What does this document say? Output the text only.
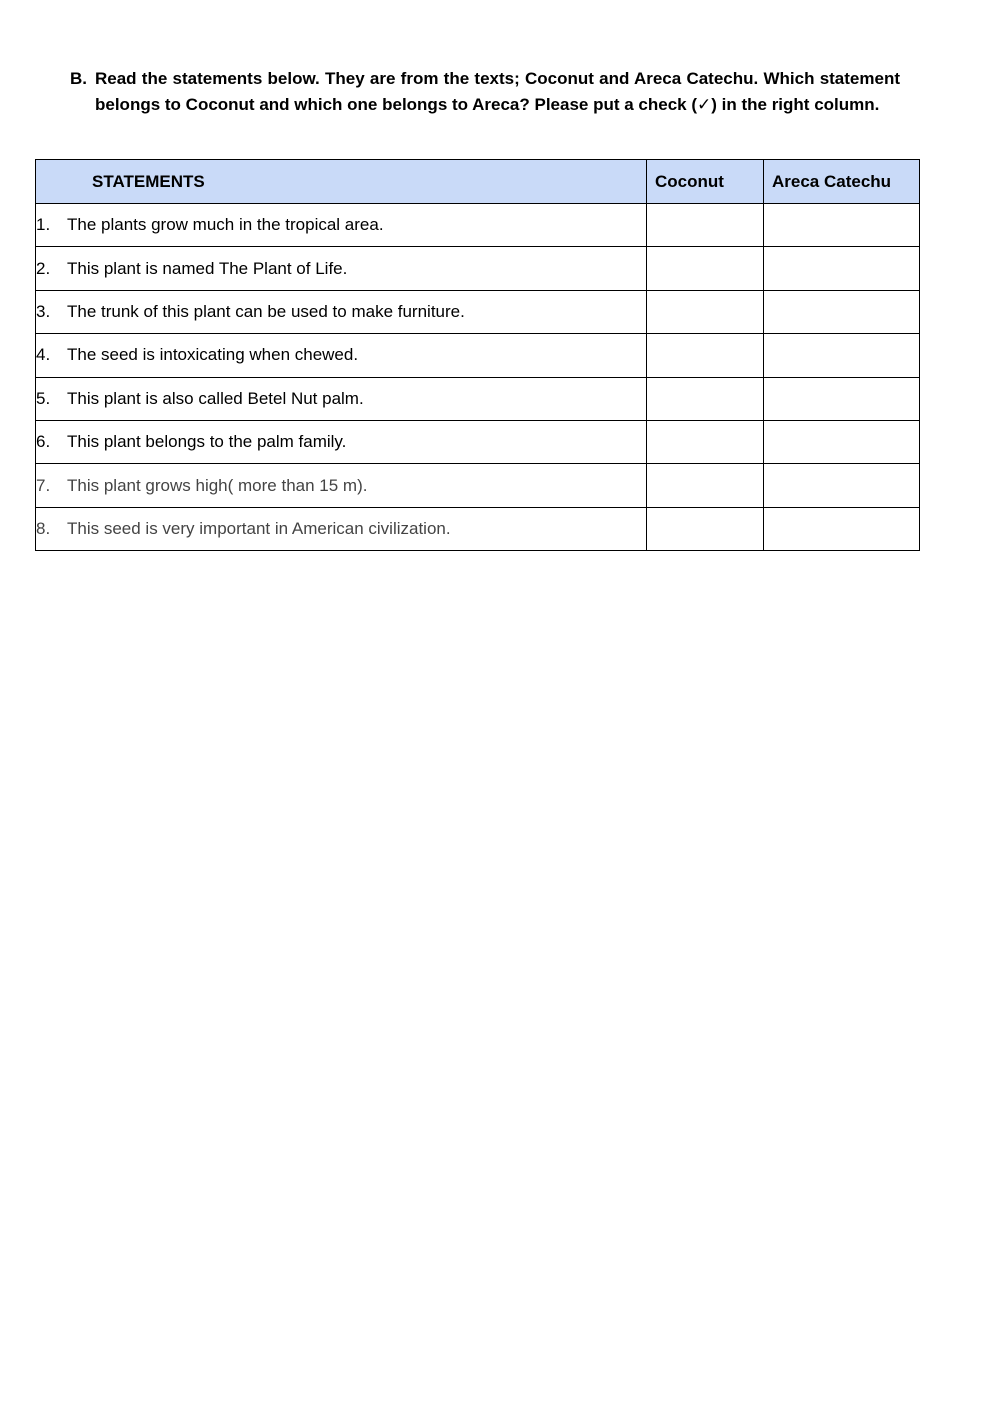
B. Read the statements below. They are from the texts; Coconut and Areca Catechu. Which statement belongs to Coconut and which one belongs to Areca? Please put a check (✓) in the right column.
STATEMENTS	Coconut	Areca Catechu
1. The plants grow much in the tropical area.		
2. This plant is named The Plant of Life.		
3. The trunk of this plant can be used to make furniture.		
4. The seed is intoxicating when chewed.		
5. This plant is also called Betel Nut palm.		
6. This plant belongs to the palm family.		
7. This plant grows high( more than 15 m).		
8. This seed is very important in American civilization.		
